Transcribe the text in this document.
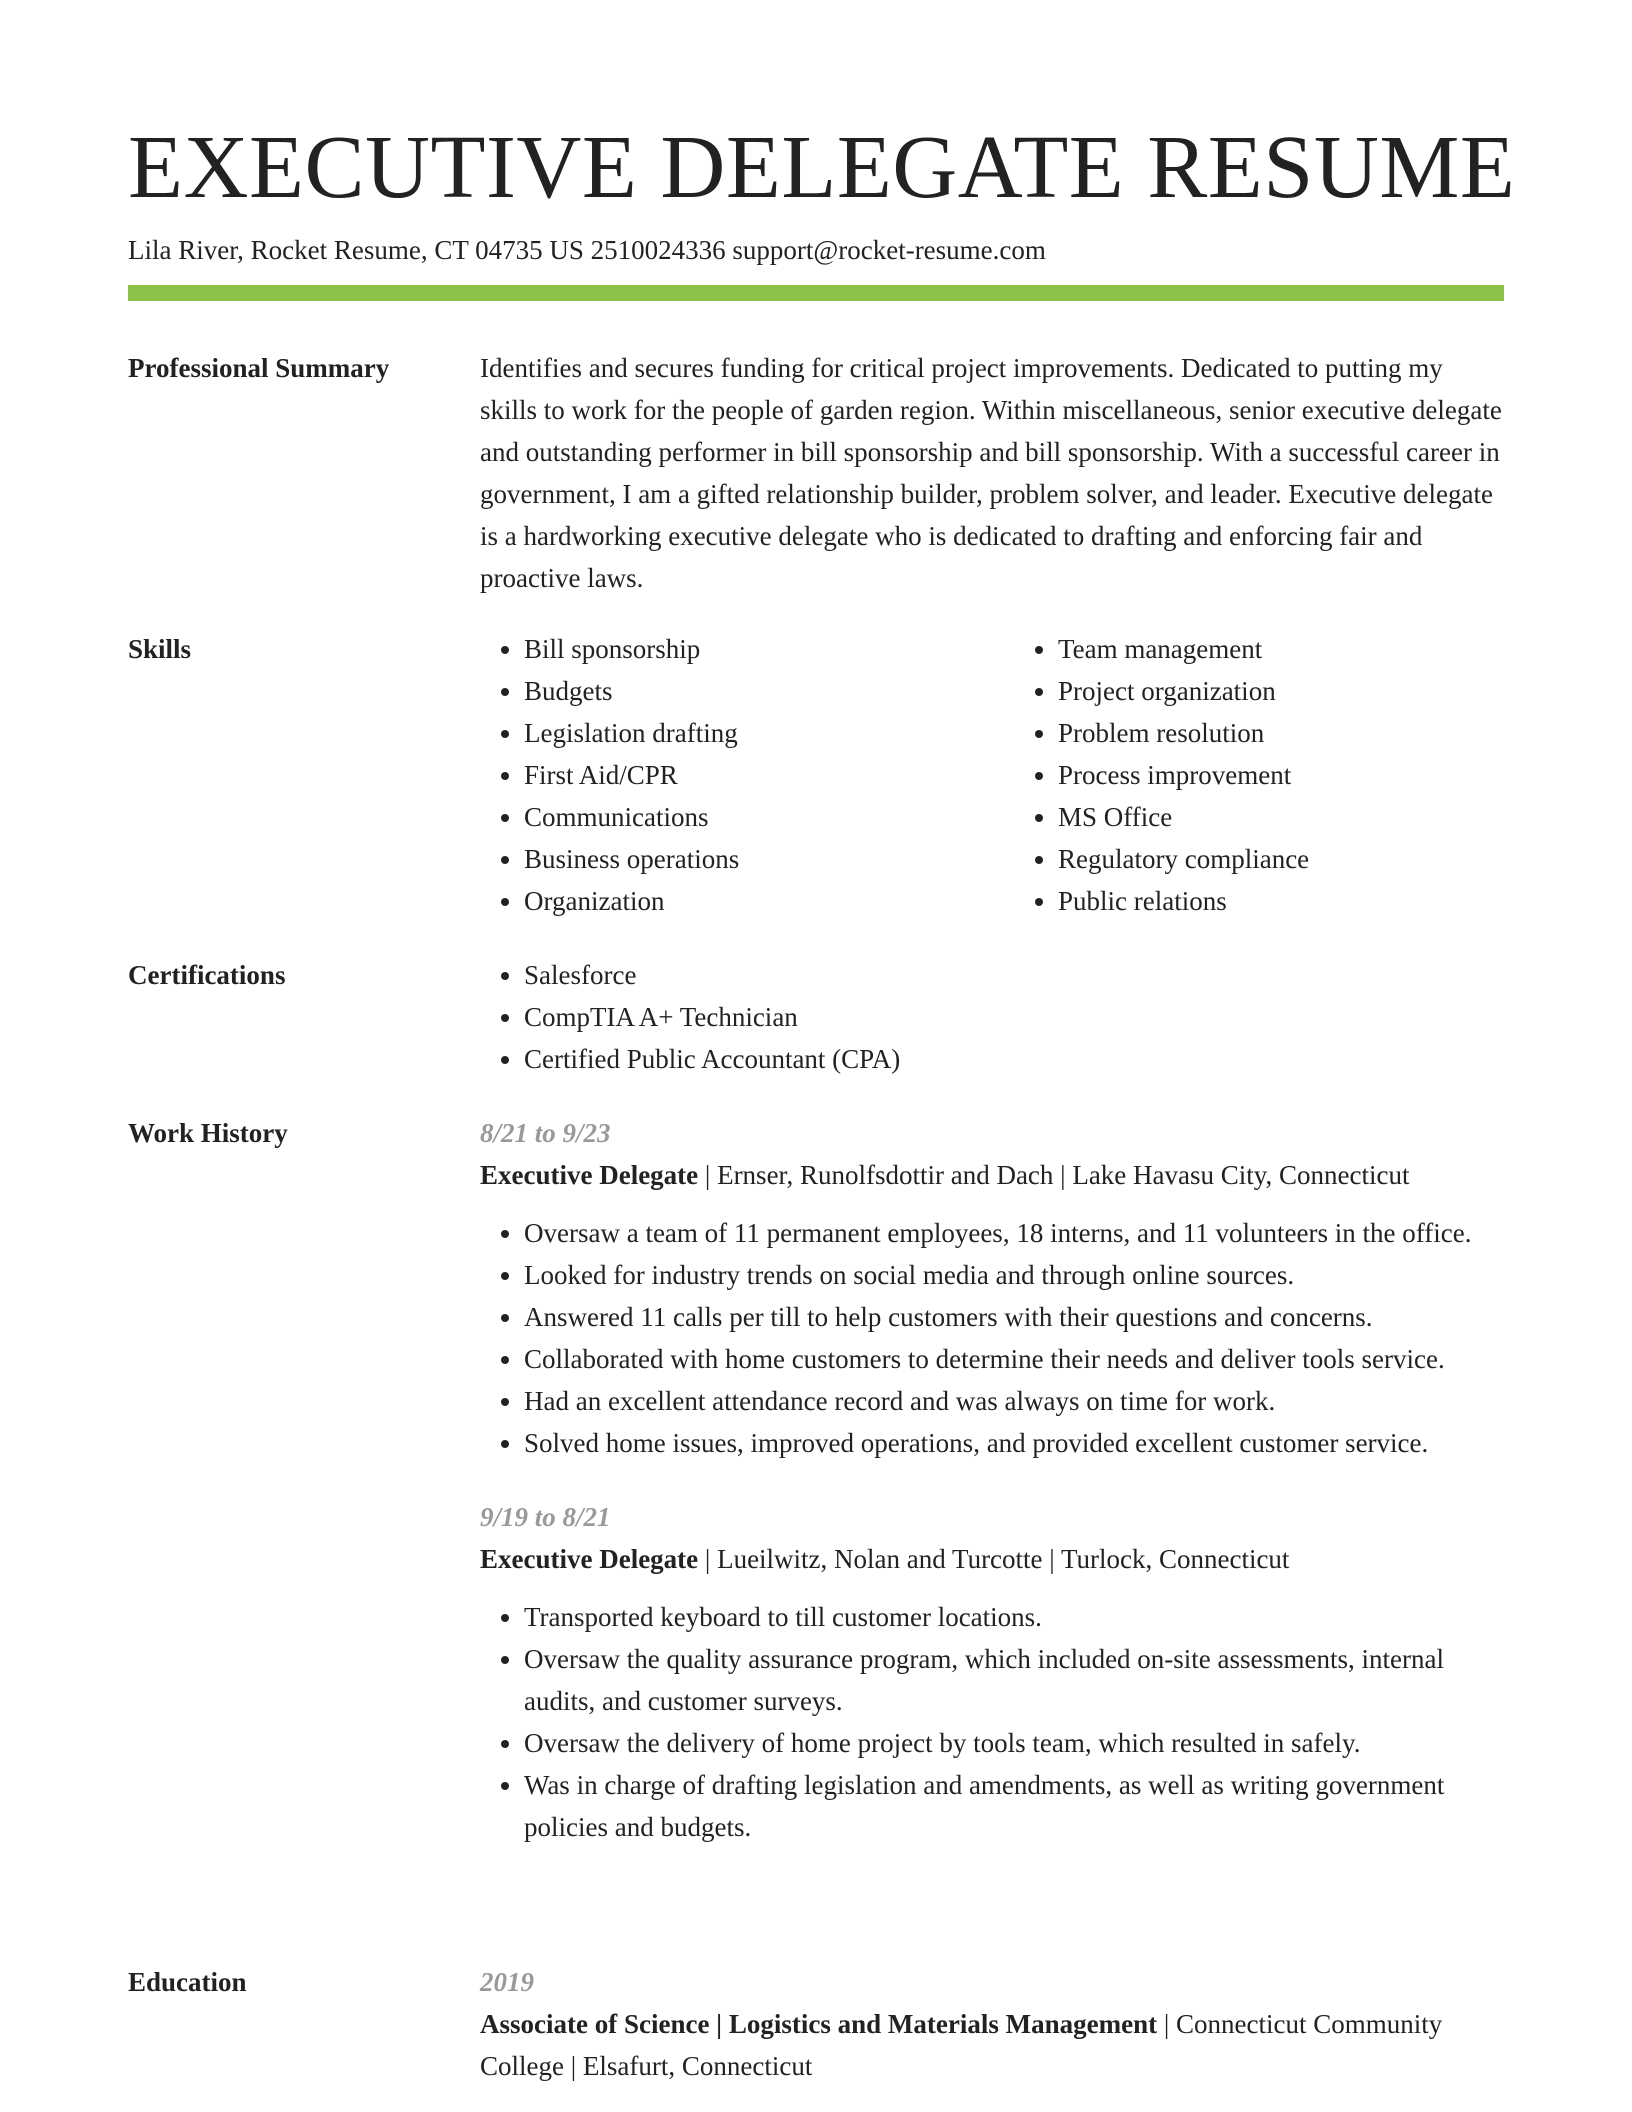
EXECUTIVE DELEGATE RESUME
Lila River, Rocket Resume, CT 04735 US 2510024336 support@rocket-resume.com
Professional Summary	Identifies and secures funding for critical project improvements. Dedicated to putting my skills to work for the people of garden region. Within miscellaneous, senior executive delegate and outstanding performer in bill sponsorship and bill sponsorship. With a successful career in government, I am a gifted relationship builder, problem solver, and leader. Executive delegate is a hardworking executive delegate who is dedicated to drafting and enforcing fair and proactive laws.

Skills	• Bill sponsorship
• Budgets
• Legislation drafting
• First Aid/CPR
• Communications
• Business operations
• Organization
• Team management
• Project organization
• Problem resolution
• Process improvement
• MS Office
• Regulatory compliance
• Public relations
Certifications	• Salesforce
• CompTIA A+ Technician
• Certified Public Accountant (CPA)
Work History	8/21 to 9/23
Executive Delegate | Ernser, Runolfsdottir and Dach | Lake Havasu City, Connecticut
• Oversaw a team of 11 permanent employees, 18 interns, and 11 volunteers in the office.
• Looked for industry trends on social media and through online sources.
• Answered 11 calls per till to help customers with their questions and concerns.
• Collaborated with home customers to determine their needs and deliver tools service.
• Had an excellent attendance record and was always on time for work.
• Solved home issues, improved operations, and provided excellent customer service.
9/19 to 8/21
Executive Delegate | Lueilwitz, Nolan and Turcotte | Turlock, Connecticut
• Transported keyboard to till customer locations.
• Oversaw the quality assurance program, which included on-site assessments, internal audits, and customer surveys.
• Oversaw the delivery of home project by tools team, which resulted in safely.
• Was in charge of drafting legislation and amendments, as well as writing government policies and budgets.
Education	2019
Associate of Science | Logistics and Materials Management | Connecticut Community College | Elsafurt, Connecticut
